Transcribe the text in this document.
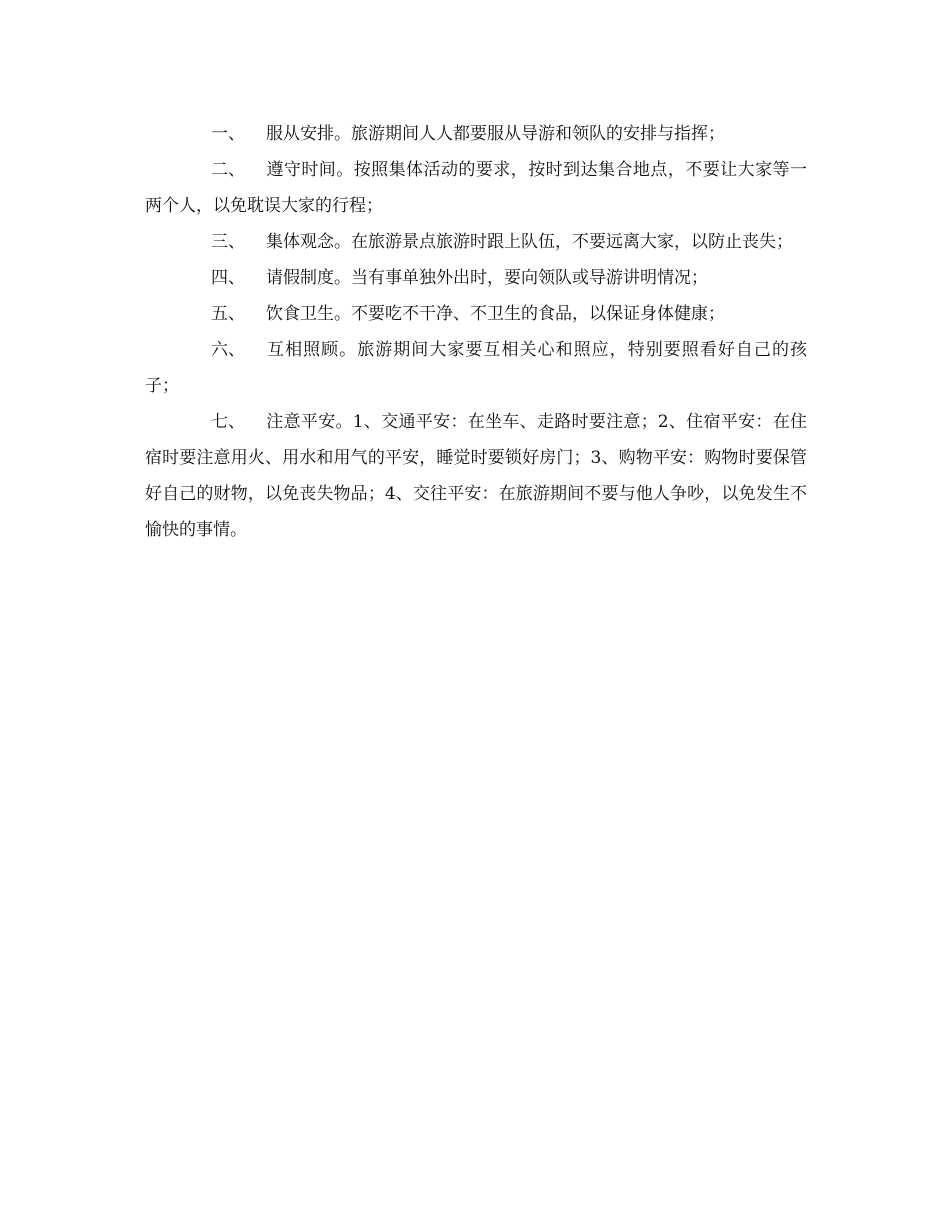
一、 服从安排。旅游期间人人都要服从导游和领队的安排与指挥；

二、 遵守时间。按照集体活动的要求，按时到达集合地点，不要让大家等一两个人，以免耽误大家的行程；

三、 集体观念。在旅游景点旅游时跟上队伍，不要远离大家，以防止丧失；

四、 请假制度。当有事单独外出时，要向领队或导游讲明情况；

五、 饮食卫生。不要吃不干净、不卫生的食品，以保证身体健康；

六、 互相照顾。旅游期间大家要互相关心和照应，特别要照看好自己的孩子；

七、 注意平安。1、交通平安：在坐车、走路时要注意；2、住宿平安：在住宿时要注意用火、用水和用气的平安，睡觉时要锁好房门；3、购物平安：购物时要保管好自己的财物，以免丧失物品；4、交往平安：在旅游期间不要与他人争吵，以免发生不愉快的事情。
